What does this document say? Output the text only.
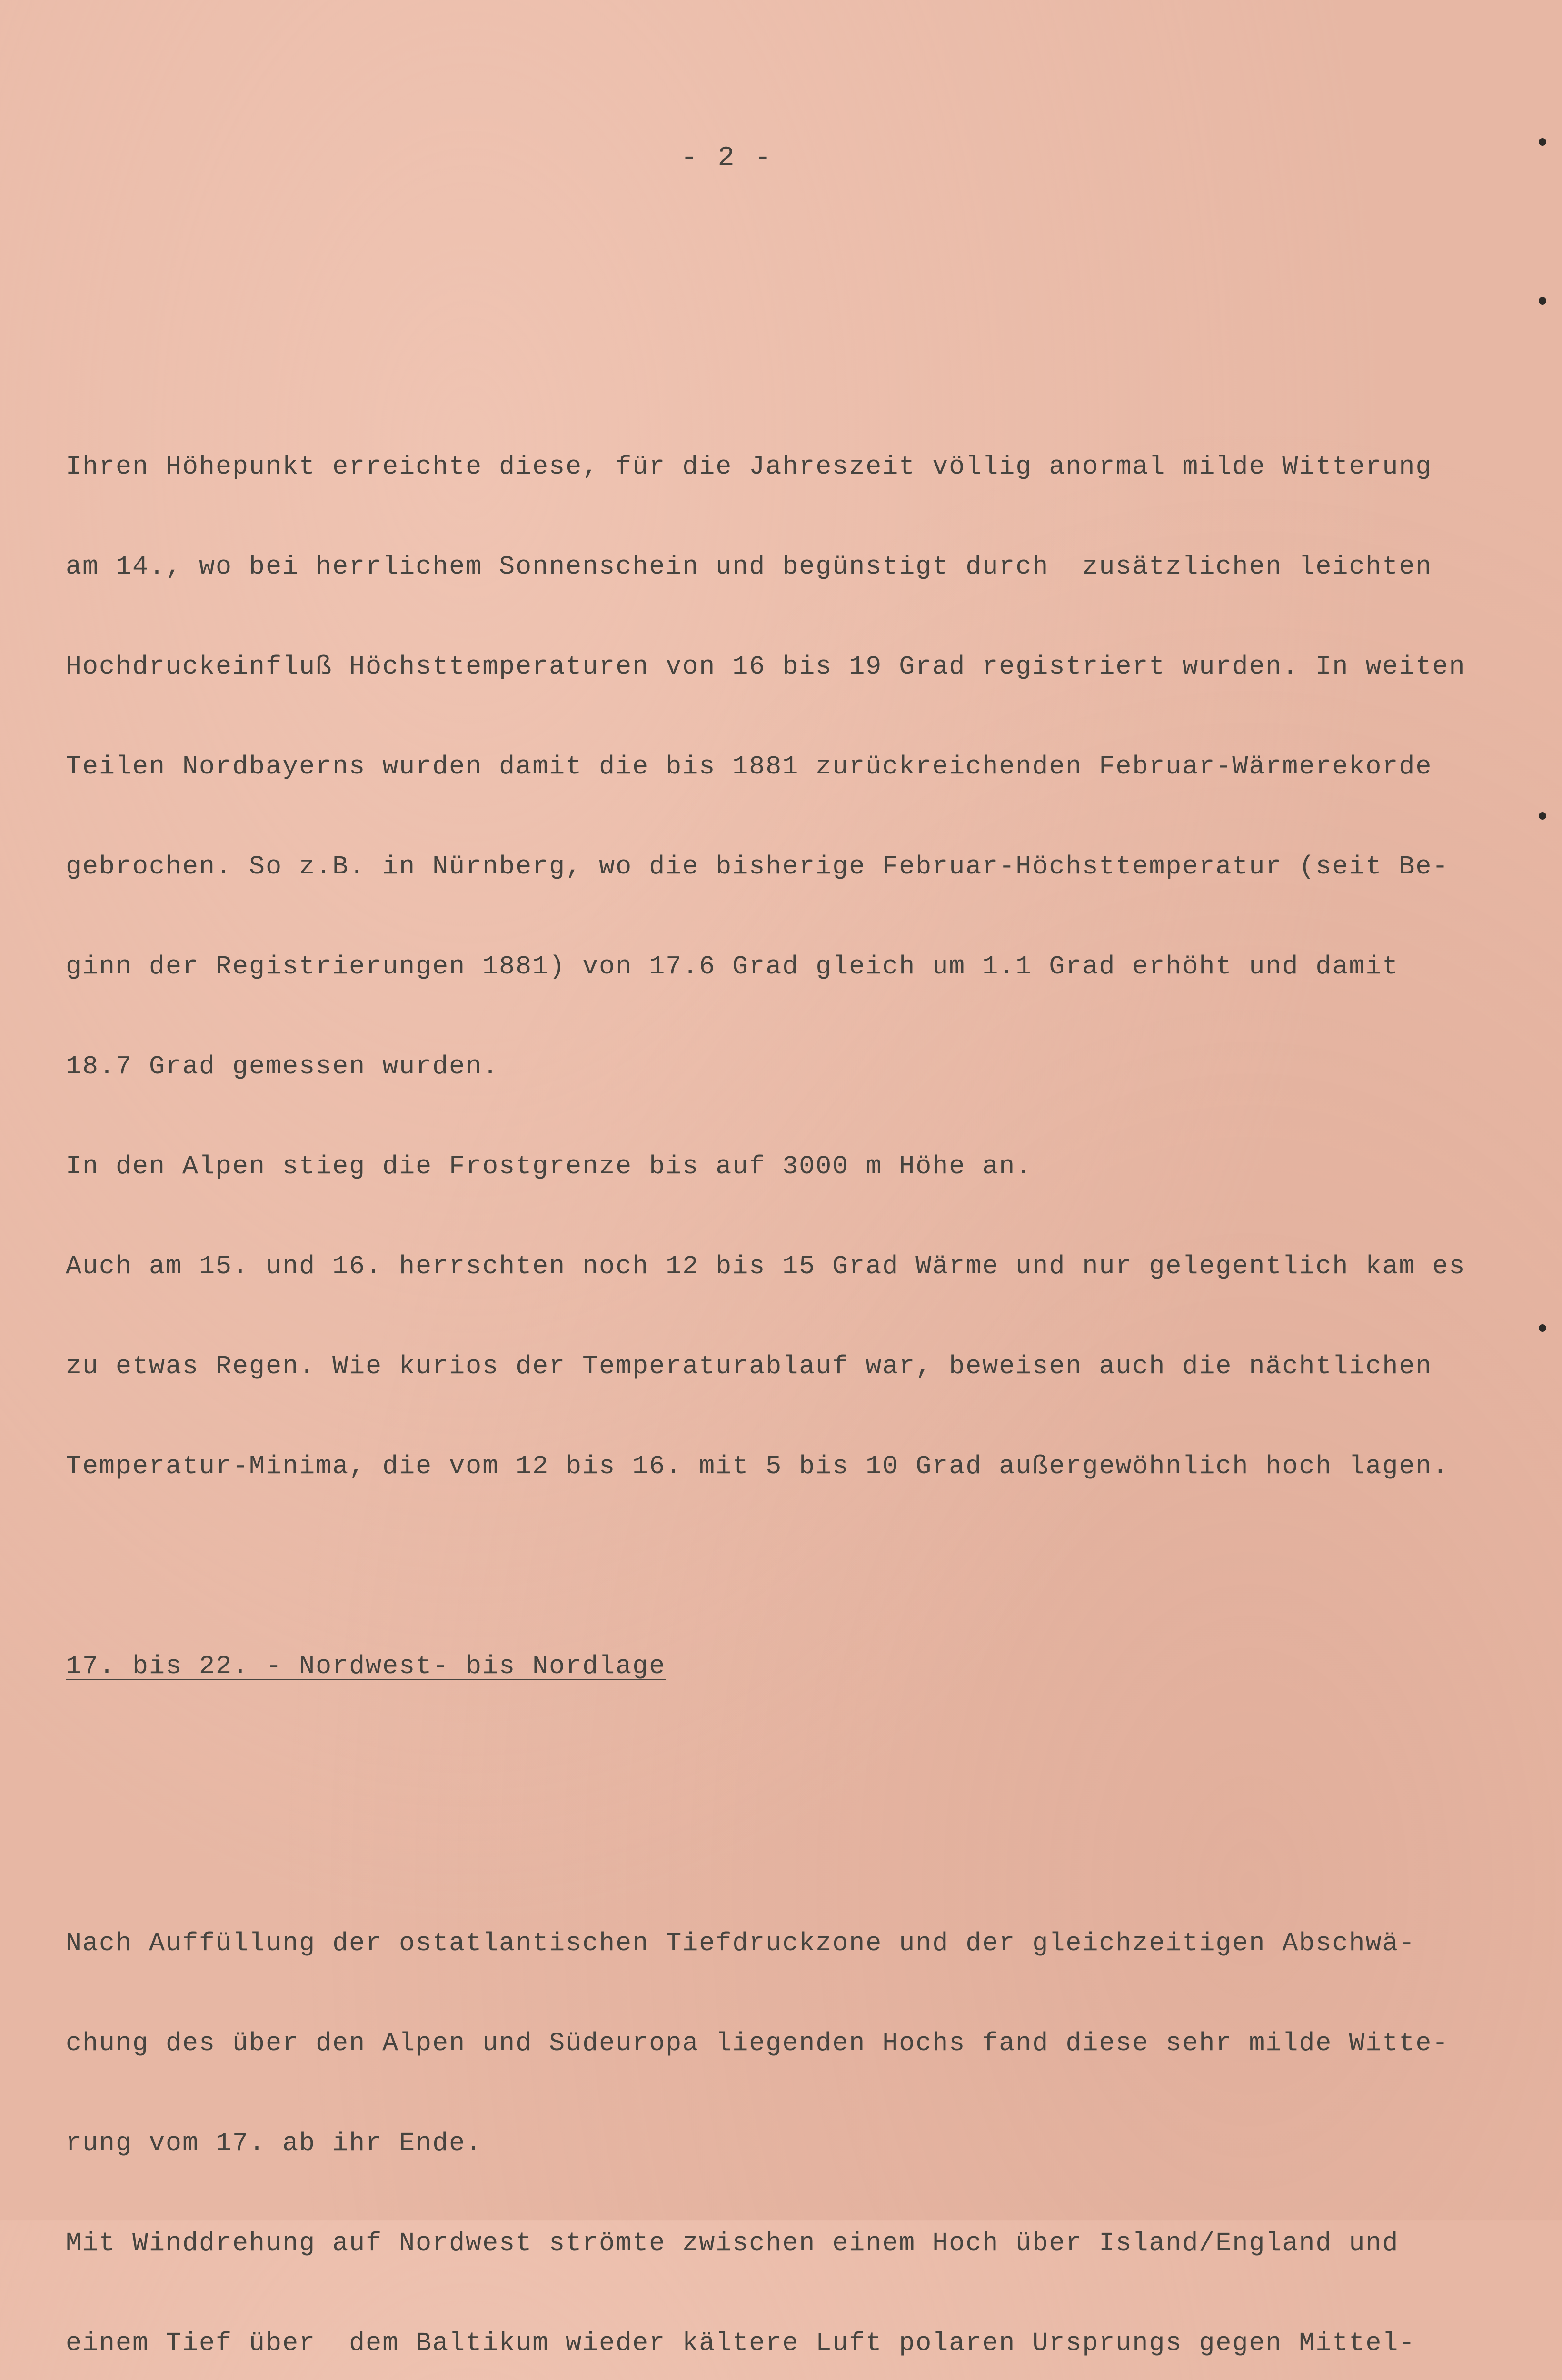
- 2 -

Ihren Höhepunkt erreichte diese, für die Jahreszeit völlig anormal milde Witterung

am 14., wo bei herrlichem Sonnenschein und begünstigt durch  zusätzlichen leichten

Hochdruckeinfluß Höchsttemperaturen von 16 bis 19 Grad registriert wurden. In weiten

Teilen Nordbayerns wurden damit die bis 1881 zurückreichenden Februar-Wärmerekorde

gebrochen. So z.B. in Nürnberg, wo die bisherige Februar-Höchsttemperatur (seit Be-

ginn der Registrierungen 1881) von 17.6 Grad gleich um 1.1 Grad erhöht und damit

18.7 Grad gemessen wurden.

In den Alpen stieg die Frostgrenze bis auf 3000 m Höhe an.

Auch am 15. und 16. herrschten noch 12 bis 15 Grad Wärme und nur gelegentlich kam es

zu etwas Regen. Wie kurios der Temperaturablauf war, beweisen auch die nächtlichen

Temperatur-Minima, die vom 12 bis 16. mit 5 bis 10 Grad außergewöhnlich hoch lagen.

17. bis 22. - Nordwest- bis Nordlage

Nach Auffüllung der ostatlantischen Tiefdruckzone und der gleichzeitigen Abschwä-

chung des über den Alpen und Südeuropa liegenden Hochs fand diese sehr milde Witte-

rung vom 17. ab ihr Ende.

Mit Winddrehung auf Nordwest strömte zwischen einem Hoch über Island/England und

einem Tief über  dem Baltikum wieder kältere Luft polaren Ursprungs gegen Mittel-
